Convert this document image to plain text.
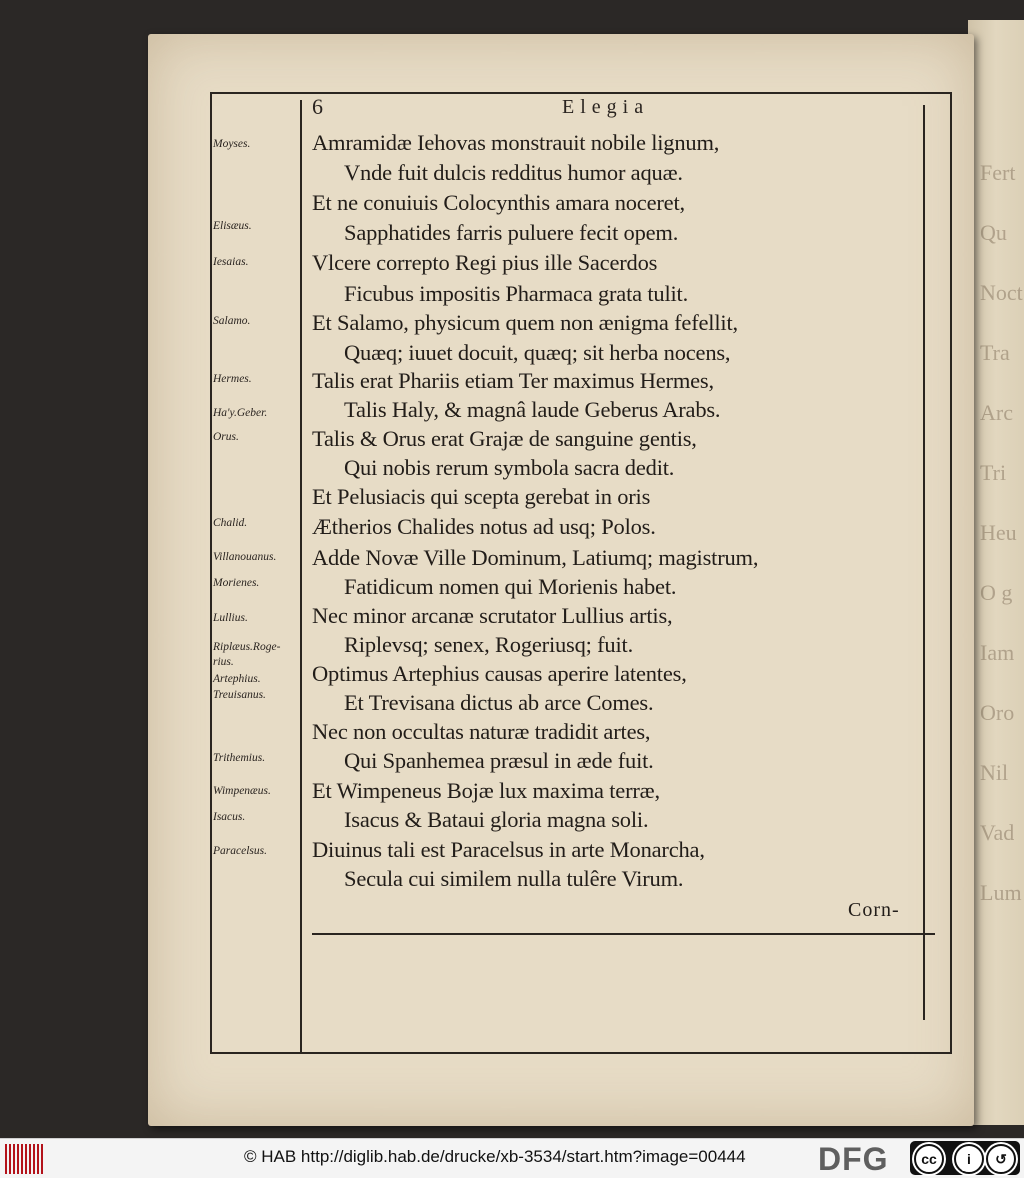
Fert
Qu
Noct
Tra
Arc
Tri
Heu
O g
Iam
Oro
Nil
Vad
Lum
6	Elegia
Moyses.
Elisæus.
Iesaias.
Salamo.
Hermes.
Ha'y.Geber.
Orus.
Chalid.
Villanouanus.
Morienes.
Lullius.
Riplæus.Roge-
rius.
Artephius.
Treuisanus.
Trithemius.
Wimpenæus.
Isacus.
Paracelsus.
Amramidæ Iehovas monstrauit nobile lignum,
Vnde fuit dulcis redditus humor aquæ.
Et ne conuiuis Colocynthis amara noceret,
Sapphatides farris puluere fecit opem.
Vlcere correpto Regi pius ille Sacerdos
Ficubus impositis Pharmaca grata tulit.
Et Salamo, physicum quem non ænigma fefellit,
Quæq; iuuet docuit, quæq; sit herba nocens,
Talis erat Phariis etiam Ter maximus Hermes,
Talis Haly, & magnâ laude Geberus Arabs.
Talis & Orus erat Grajæ de sanguine gentis,
Qui nobis rerum symbola sacra dedit.
Et Pelusiacis qui scepta gerebat in oris
Ætherios Chalides notus ad usq; Polos.
Adde Novæ Ville Dominum, Latiumq; magistrum,
Fatidicum nomen qui Morienis habet.
Nec minor arcanæ scrutator Lullius artis,
Riplevsq; senex, Rogeriusq; fuit.
Optimus Artephius causas aperire latentes,
Et Trevisana dictus ab arce Comes.
Nec non occultas naturæ tradidit artes,
Qui Spanhemea præsul in æde fuit.
Et Wimpeneus Bojæ lux maxima terræ,
Isacus & Bataui gloria magna soli.
Diuinus tali est Paracelsus in arte Monarcha,
Secula cui similem nulla tulêre Virum.
Corn-
© HAB http://diglib.hab.de/drucke/xb-3534/start.htm?image=00444 DFG	cc	i	↺
BY	SA
